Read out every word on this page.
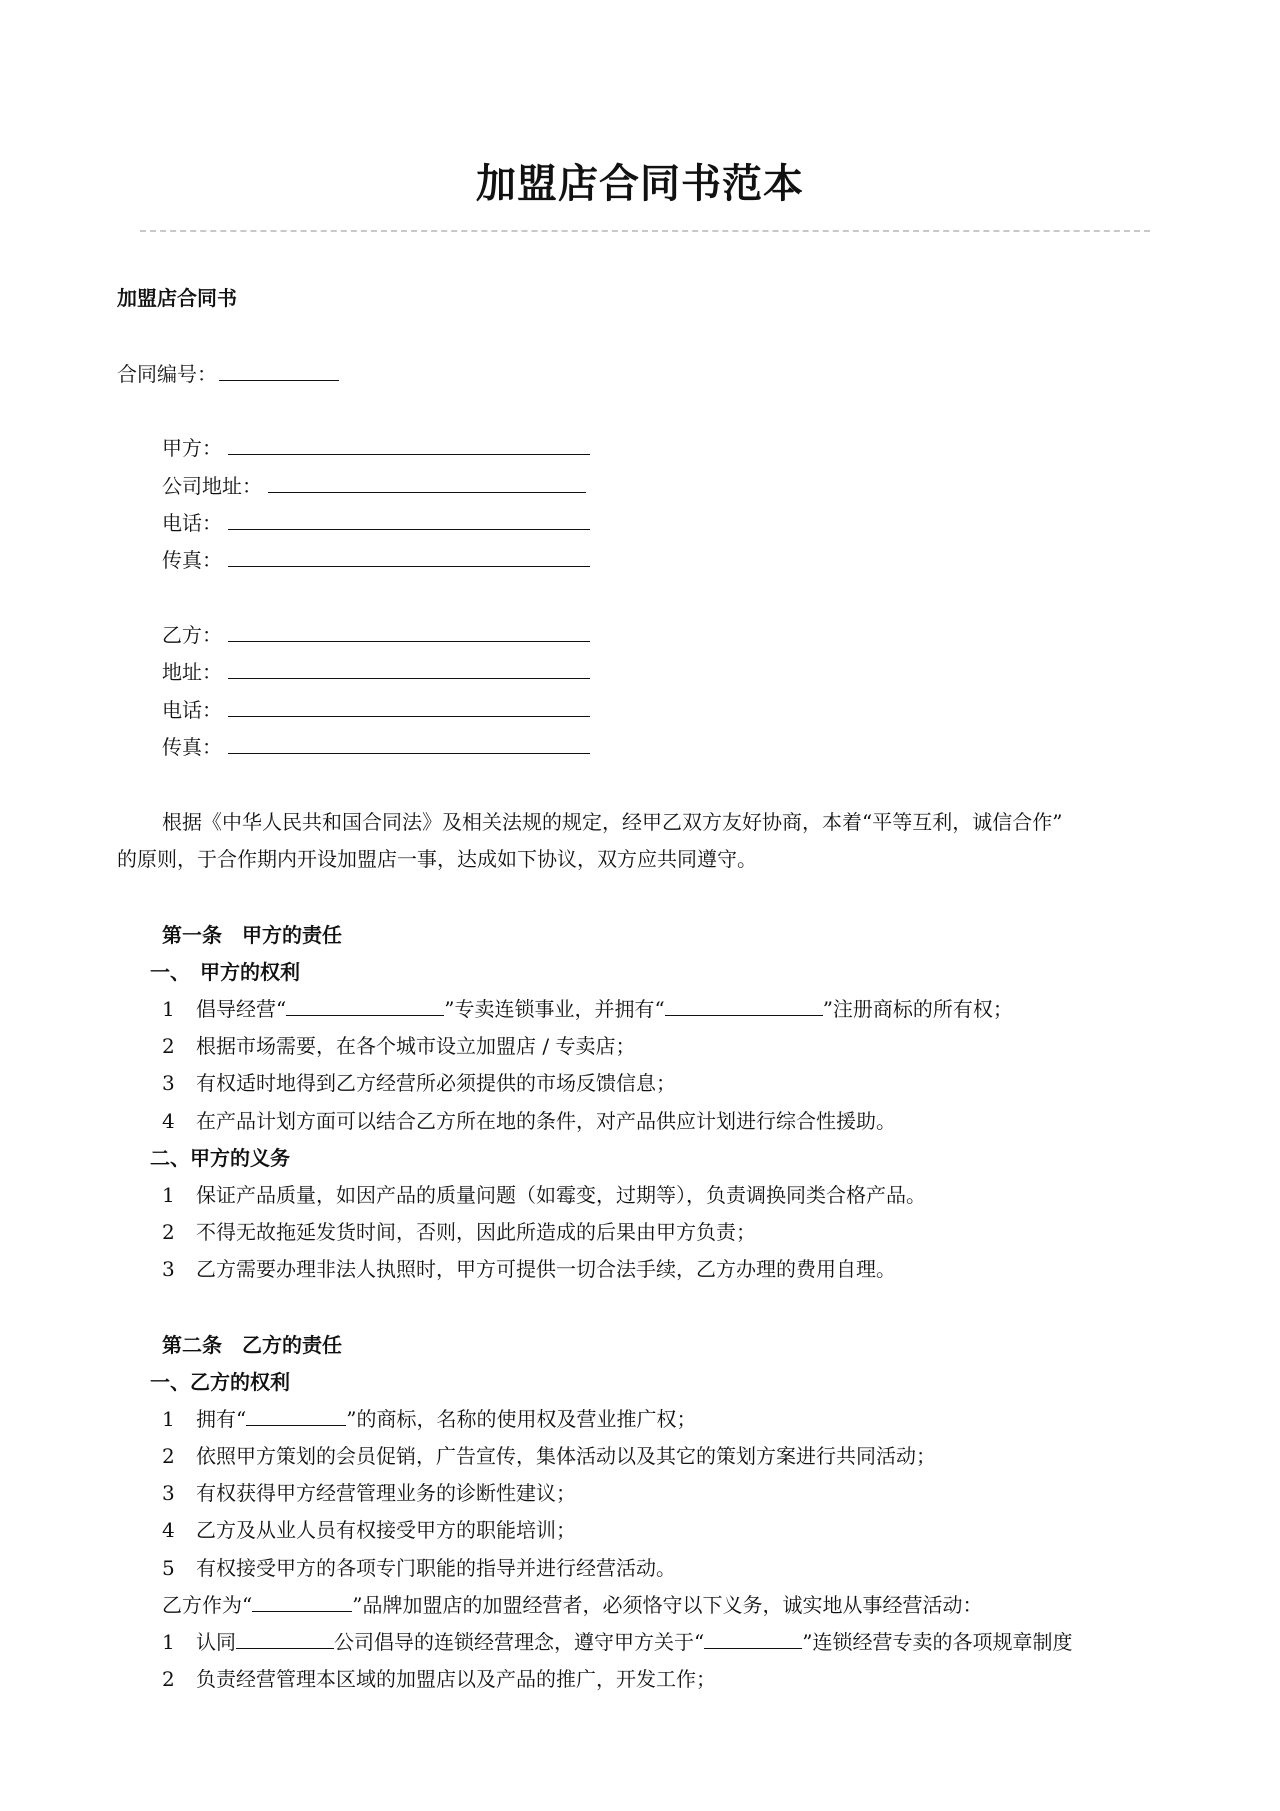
加盟店合同书范本
加盟店合同书
合同编号：
甲方：
公司地址：
电话：
传真：
乙方：
地址：
电话：
传真：
根据《中华人民共和国合同法》及相关法规的规定，经甲乙双方友好协商，本着“平等互利，诚信合作”
的原则，于合作期内开设加盟店一事，达成如下协议，双方应共同遵守。
第一条　甲方的责任
一、　甲方的权利
1 倡导经营“	”专卖连锁事业，并拥有“	”注册商标的所有权；
2 根据市场需要，在各个城市设立加盟店 / 专卖店；
3 有权适时地得到乙方经营所必须提供的市场反馈信息；
4 在产品计划方面可以结合乙方所在地的条件，对产品供应计划进行综合性援助。
二、甲方的义务
1 保证产品质量，如因产品的质量问题（如霉变，过期等），负责调换同类合格产品。
2 不得无故拖延发货时间，否则，因此所造成的后果由甲方负责；
3 乙方需要办理非法人执照时，甲方可提供一切合法手续，乙方办理的费用自理。
第二条　乙方的责任
一、乙方的权利
1 拥有“	”的商标，名称的使用权及营业推广权；
2 依照甲方策划的会员促销，广告宣传，集体活动以及其它的策划方案进行共同活动；
3 有权获得甲方经营管理业务的诊断性建议；
4 乙方及从业人员有权接受甲方的职能培训；
5 有权接受甲方的各项专门职能的指导并进行经营活动。
乙方作为“	”品牌加盟店的加盟经营者，必须恪守以下义务，诚实地从事经营活动：
1 认同	公司倡导的连锁经营理念，遵守甲方关于“	”连锁经营专卖的各项规章制度
2 负责经营管理本区域的加盟店以及产品的推广，开发工作；
